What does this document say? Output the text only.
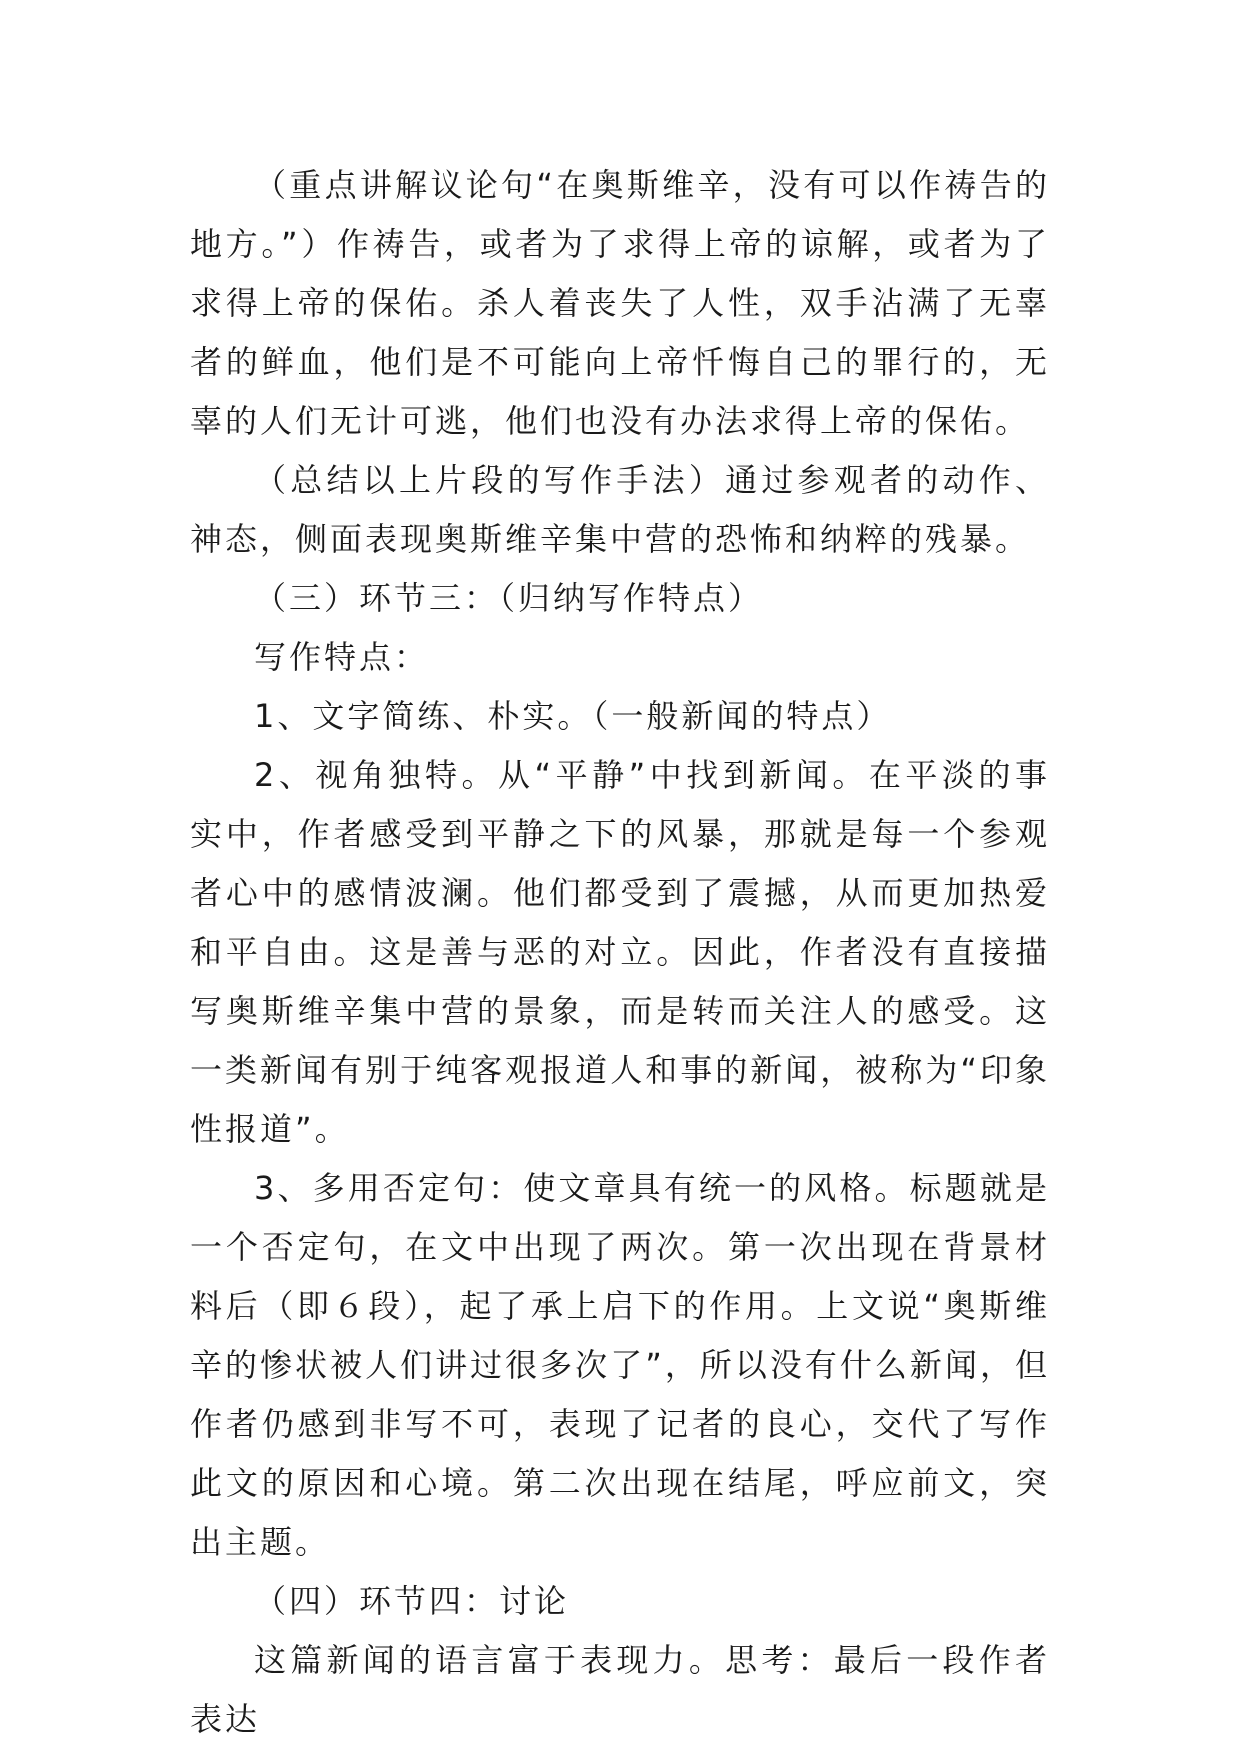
（重点讲解议论句“在奥斯维辛，没有可以作祷告的地方。”）作祷告，或者为了求得上帝的谅解，或者为了求得上帝的保佑。杀人着丧失了人性，双手沾满了无辜者的鲜血，他们是不可能向上帝忏悔自己的罪行的，无辜的人们无计可逃，他们也没有办法求得上帝的保佑。

（总结以上片段的写作手法）通过参观者的动作、神态，侧面表现奥斯维辛集中营的恐怖和纳粹的残暴。

（三）环节三：（归纳写作特点）

写作特点：

1、文字简练、朴实。（一般新闻的特点）

2、视角独特。从“平静”中找到新闻。在平淡的事实中，作者感受到平静之下的风暴，那就是每一个参观者心中的感情波澜。他们都受到了震撼，从而更加热爱和平自由。这是善与恶的对立。因此，作者没有直接描写奥斯维辛集中营的景象，而是转而关注人的感受。这一类新闻有别于纯客观报道人和事的新闻，被称为“印象性报道”。

3、多用否定句：使文章具有统一的风格。标题就是一个否定句，在文中出现了两次。第一次出现在背景材料后（即６段），起了承上启下的作用。上文说“奥斯维辛的惨状被人们讲过很多次了”，所以没有什么新闻，但作者仍感到非写不可，表现了记者的良心，交代了写作此文的原因和心境。第二次出现在结尾，呼应前文，突出主题。

（四）环节四：讨论

这篇新闻的语言富于表现力。思考：最后一段作者表达
